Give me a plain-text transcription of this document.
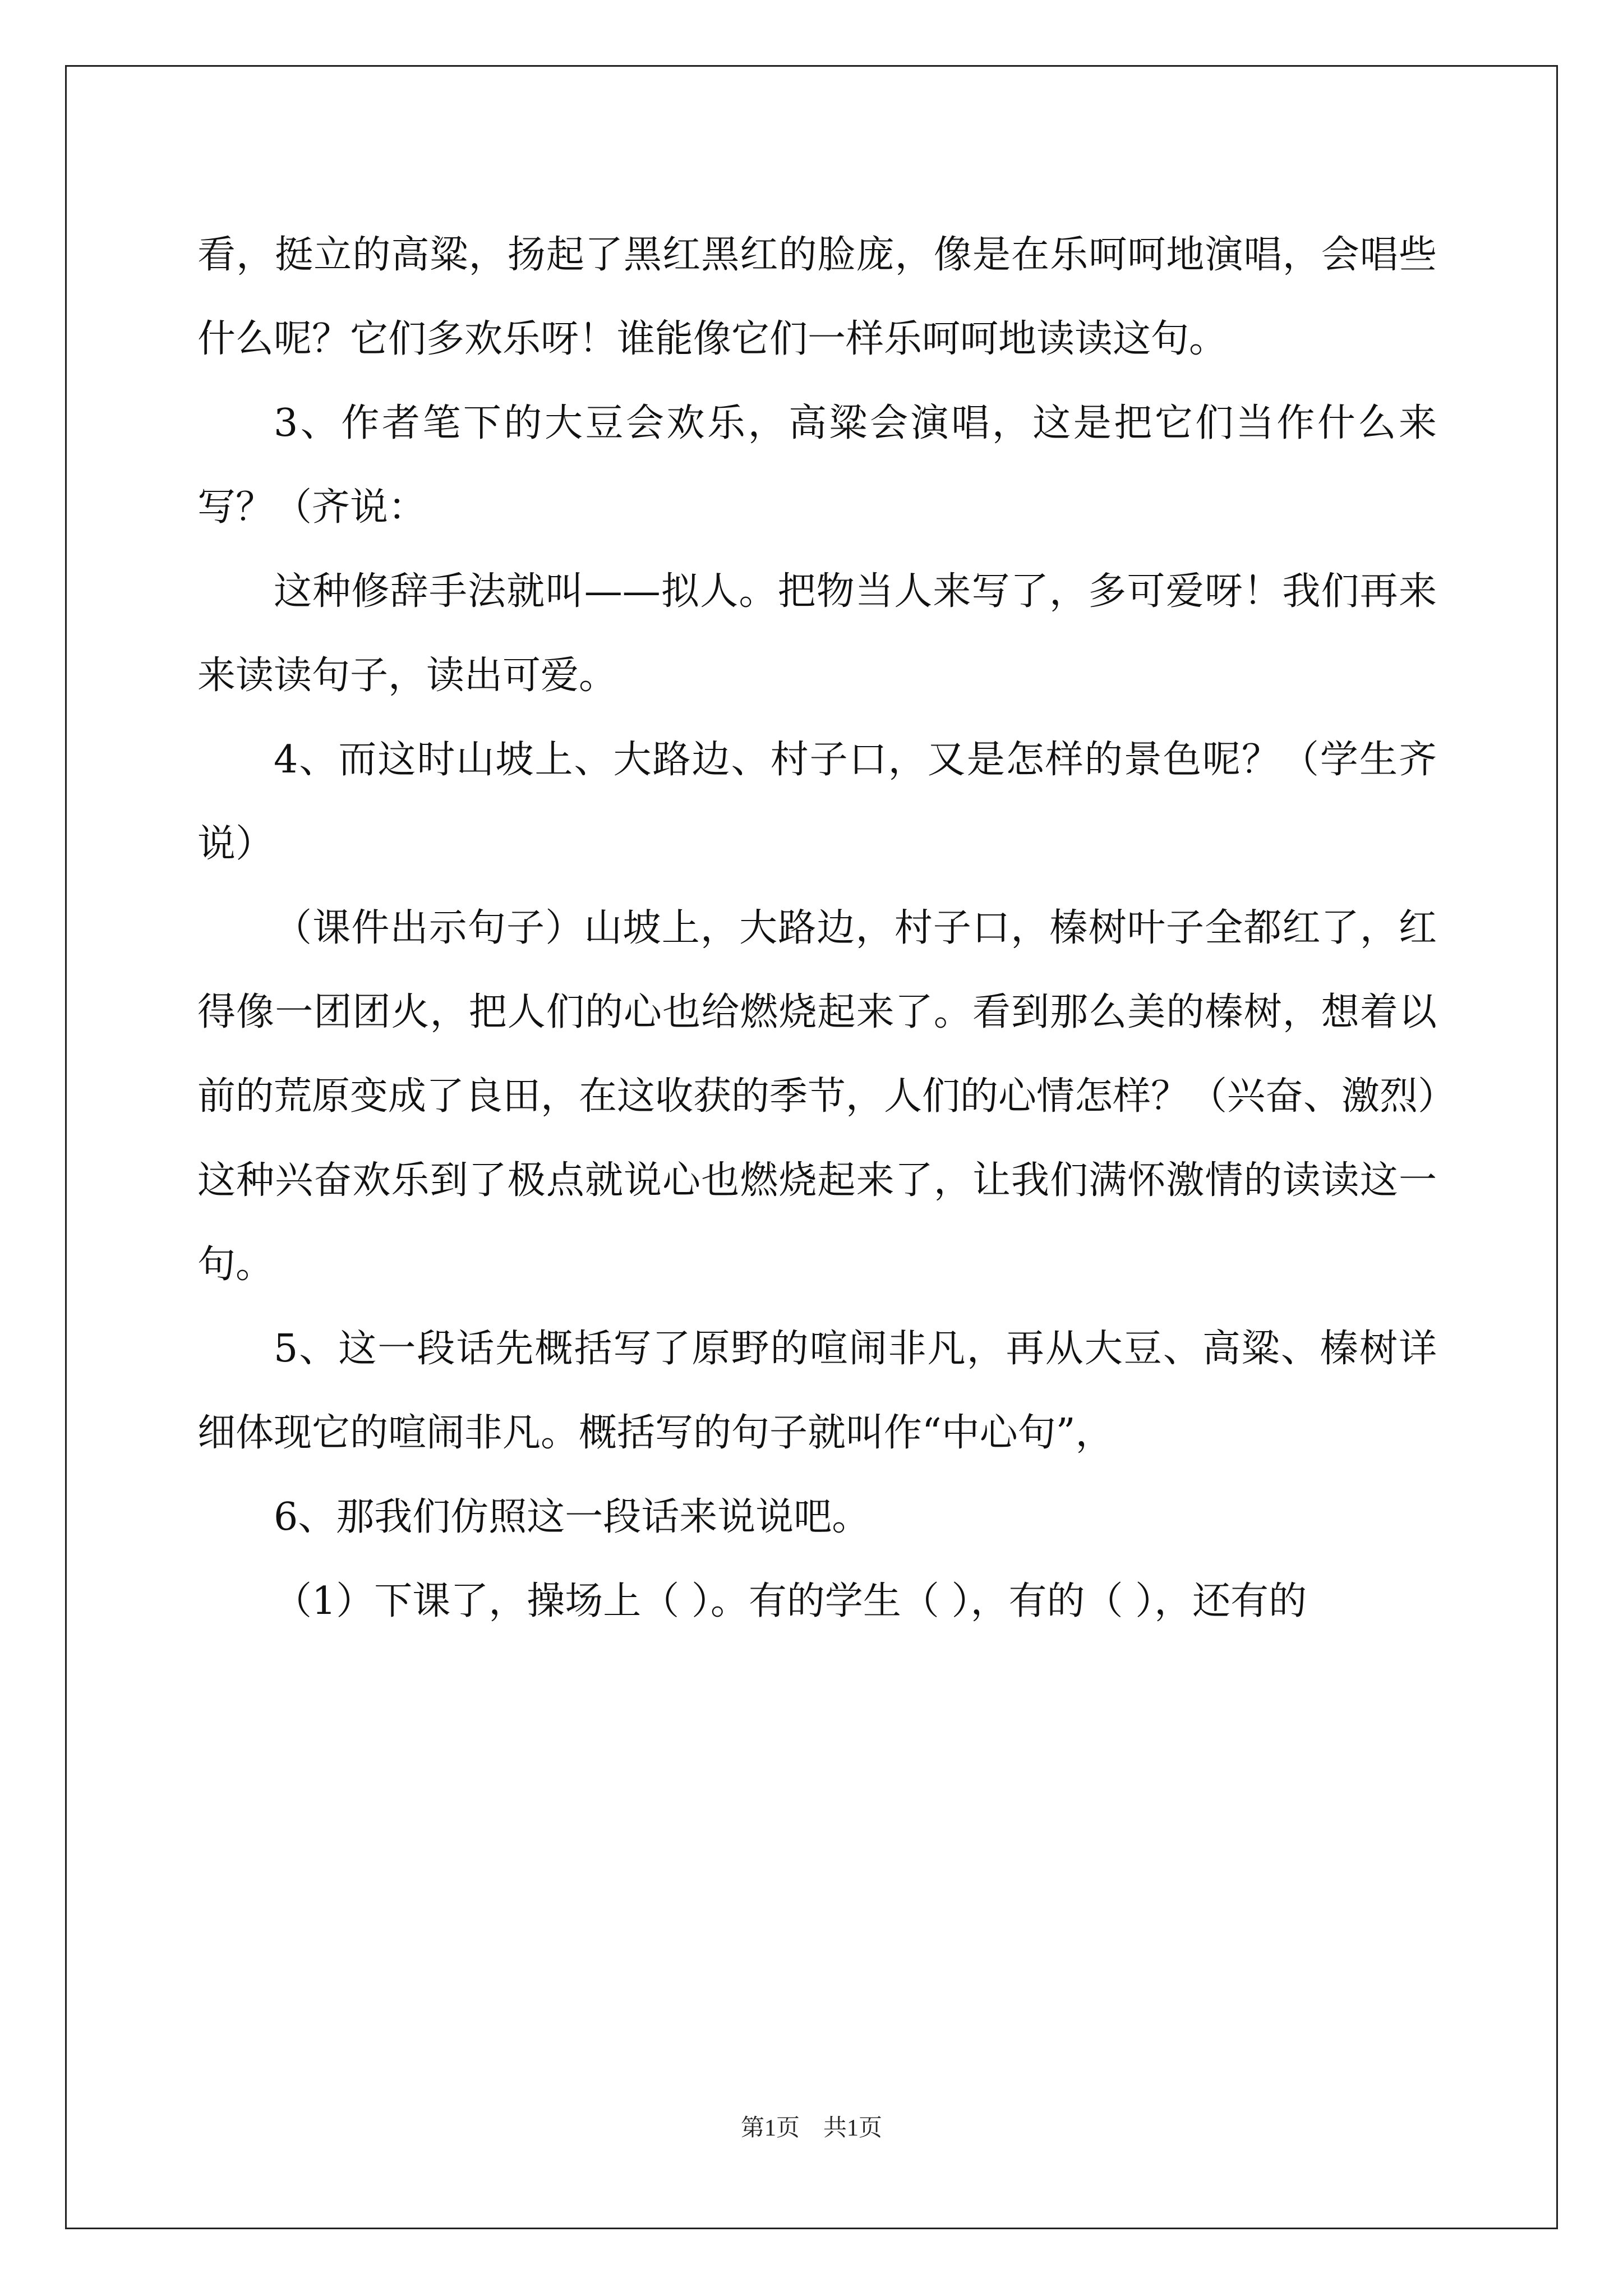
看，挺立的高粱，扬起了黑红黑红的脸庞，像是在乐呵呵地演唱，会唱些什么呢？它们多欢乐呀！谁能像它们一样乐呵呵地读读这句。

3、作者笔下的大豆会欢乐，高粱会演唱，这是把它们当作什么来写？（齐说：

这种修辞手法就叫——拟人。把物当人来写了，多可爱呀！我们再来来读读句子，读出可爱。

4、而这时山坡上、大路边、村子口，又是怎样的景色呢？（学生齐说）

（课件出示句子）山坡上，大路边，村子口，榛树叶子全都红了，红得像一团团火，把人们的心也给燃烧起来了。看到那么美的榛树，想着以前的荒原变成了良田，在这收获的季节，人们的心情怎样？（兴奋、激烈）这种兴奋欢乐到了极点就说心也燃烧起来了，让我们满怀激情的读读这一句。

5、这一段话先概括写了原野的喧闹非凡，再从大豆、高粱、榛树详细体现它的喧闹非凡。概括写的句子就叫作“中心句”，

6、那我们仿照这一段话来说说吧。

（1）下课了，操场上（ ）。有的学生（ ），有的（ ），还有的

第1页　共1页
